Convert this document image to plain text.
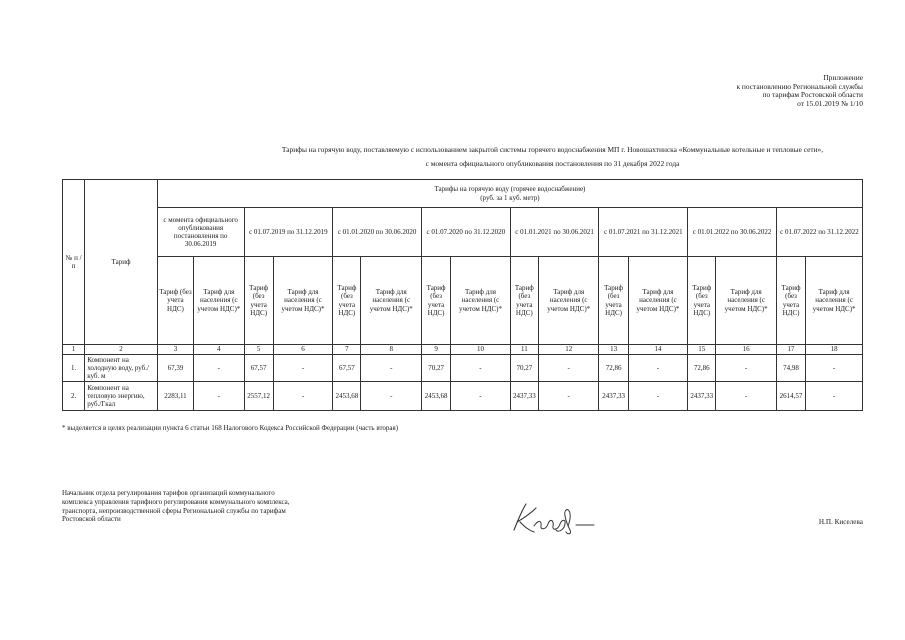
Приложение
к постановлению Региональной службы
по тарифам Ростовской области
от 15.01.2019 № 1/10
Тарифы на горячую воду, поставляемую с использованием закрытой системы горячего водоснабжения МП г. Новошахтинска «Коммунальные котельные и тепловые сети»,
с момента официального опубликования постановления по 31 декабря 2022 года
№ п /п	Тариф	Тарифы на горячую воду (горячее водоснабжение)
(руб. за 1 куб. метр)															

		с момента официального опубликования постановления по 30.06.2019		с 01.07.2019 по 31.12.2019		с 01.01.2020 по 30.06.2020		с 01.07.2020 по 31.12.2020		с 01.01.2021 по 30.06.2021		с 01.07.2021 по 31.12.2021		с 01.01.2022 по 30.06.2022		с 01.07.2022 по 31.12.2022	
		Тариф (без учета НДС)	Тариф для населения (с учетом НДС)*	Тариф (без учета НДС)	Тариф для населения (с учетом НДС)*	Тариф (без учета НДС)	Тариф для населения (с учетом НДС)*	Тариф (без учета НДС)	Тариф для населения (с учетом НДС)*	Тариф (без учета НДС)	Тариф для населения (с учетом НДС)*	Тариф (без учета НДС)	Тариф для населения (с учетом НДС)*	Тариф (без учета НДС)	Тариф для населения (с учетом НДС)*	Тариф (без учета НДС)	Тариф для населения (с учетом НДС)*
1	2	3	4	5	6	7	8	9	10	11	12	13	14	15	16	17	18
1.	Компонент на холодную воду, руб./куб. м	67,39	-	67,57	-	67,57	-	70,27	-	70,27	-	72,86	-	72,86	-	74,98	-
2.	Компонент на тепловую энергию, руб./Гкал	2283,11	-	2557,12	-	2453,68	-	2453,68	-	2437,33	-	2437,33	-	2437,33	-	2614,57	-
* выделяется в целях реализации пункта 6 статьи 168 Налогового Кодекса Российской Федерации (часть вторая)
Начальник отдела регулирования тарифов организаций коммунального
комплекса управления тарифного регулирования коммунального комплекса,
транспорта, непроизводственной сферы Региональной службы по тарифам
Ростовской области	Н.П. Киселева
